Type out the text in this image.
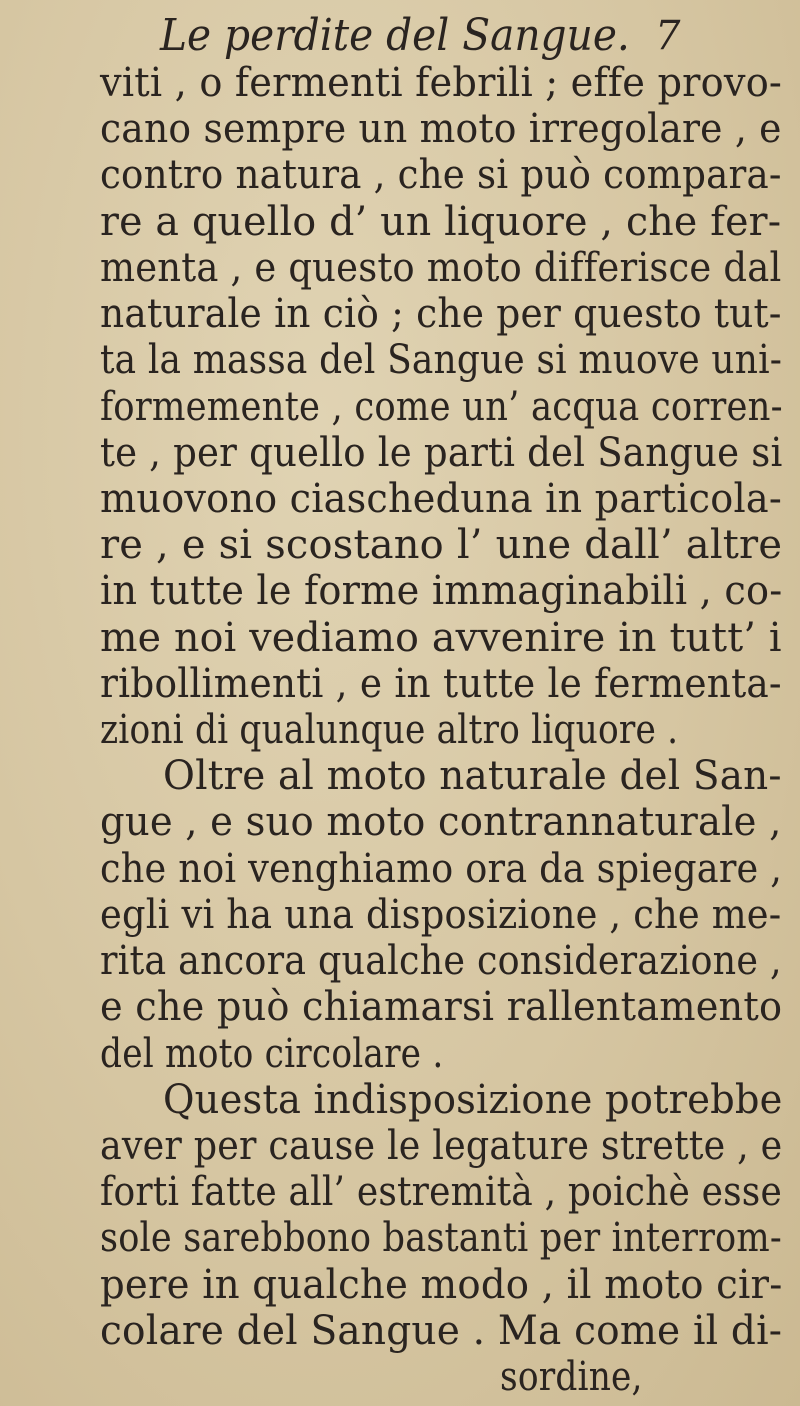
Le perdite del Sangue. 7
viti , o fermenti febrili ; effe provo-
cano sempre un moto irregolare , e
contro natura , che si può compara-
re a quello d’ un liquore , che fer-
menta , e questo moto differisce dal
naturale in ciò ; che per questo tut-
ta la massa del Sangue si muove uni-
formemente , come un’ acqua corren-
te , per quello le parti del Sangue si
muovono ciascheduna in particola-
re , e si scostano l’ une dall’ altre
in tutte le forme immaginabili , co-
me noi vediamo avvenire in tutt’ i
ribollimenti , e in tutte le fermenta-
zioni di qualunque altro liquore .
Oltre al moto naturale del San-
gue , e suo moto contrannaturale ,
che noi venghiamo ora da spiegare ,
egli vi ha una disposizione , che me-
rita ancora qualche considerazione ,
e che può chiamarsi rallentamento
del moto circolare .
Questa indisposizione potrebbe
aver per cause le legature strette , e
forti fatte all’ estremità , poichè esse
sole sarebbono bastanti per interrom-
pere in qualche modo , il moto cir-
colare del Sangue . Ma come il di-
sordine,
